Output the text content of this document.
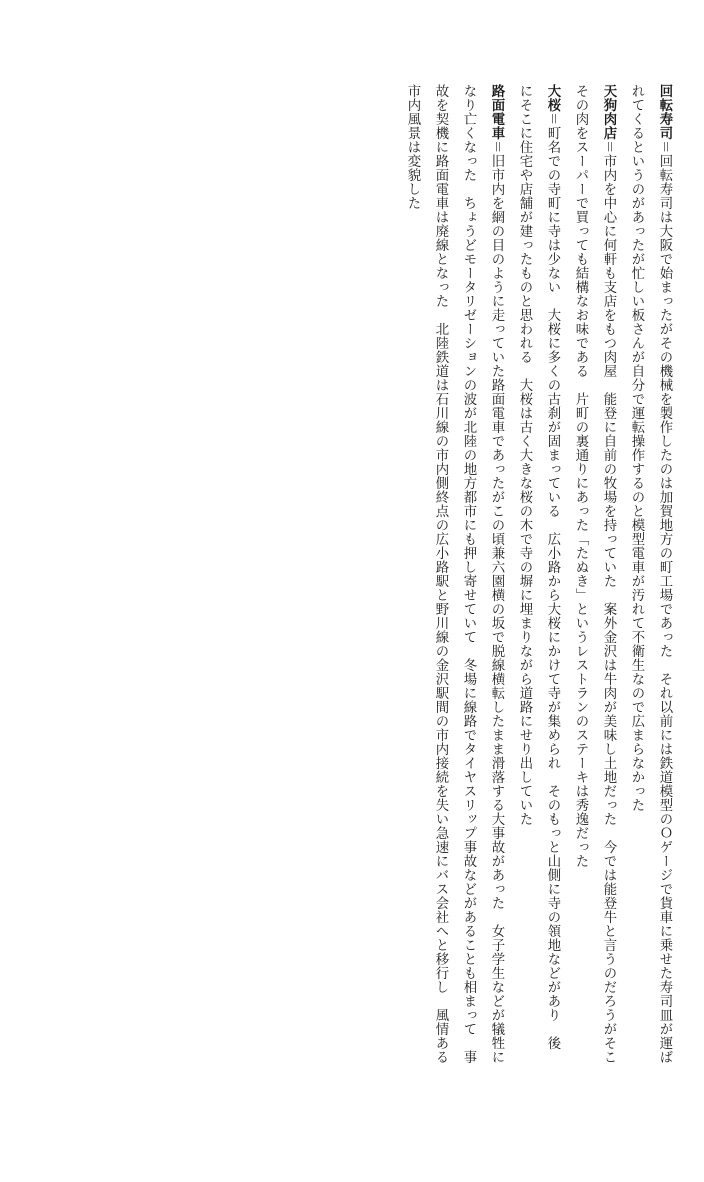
回転寿司＝回転寿司は大阪で始まったがその機械を製作したのは加賀地方の町工場であった　それ以前には鉄道模型のＯゲージで貨車に乗せた寿司皿が運ば
れてくるというのがあったが忙しい板さんが自分で運転操作するのと模型電車が汚れて不衛生なので広まらなかった
天狗肉店＝市内を中心に何軒も支店をもつ肉屋　能登に自前の牧場を持っていた　案外金沢は牛肉が美味し土地だった　今では能登牛と言うのだろうがそこ
その肉をスーパーで買っても結構なお味である　片町の裏通りにあった「たぬき」というレストランのステーキは秀逸だった
大桜＝町名での寺町に寺は少ない　大桜に多くの古刹が固まっている　広小路から大桜にかけて寺が集められ　そのもっと山側に寺の領地などがあり　後
にそこに住宅や店舗が建ったものと思われる　大桜は古く大きな桜の木で寺の塀に埋まりながら道路にせり出していた
路面電車＝旧市内を網の目のように走っていた路面電車であったがこの頃兼六園横の坂で脱線横転したまま滑落する大事故があった　女子学生などが犠牲に
なり亡くなった　ちょうどモータリゼーションの波が北陸の地方都市にも押し寄せていて　冬場に線路でタイヤスリップ事故などがあることも相まって　事
故を契機に路面電車は廃線となった　北陸鉄道は石川線の市内側終点の広小路駅と野川線の金沢駅間の市内接続を失い急速にバス会社へと移行し　風情ある
市内風景は変貌した
